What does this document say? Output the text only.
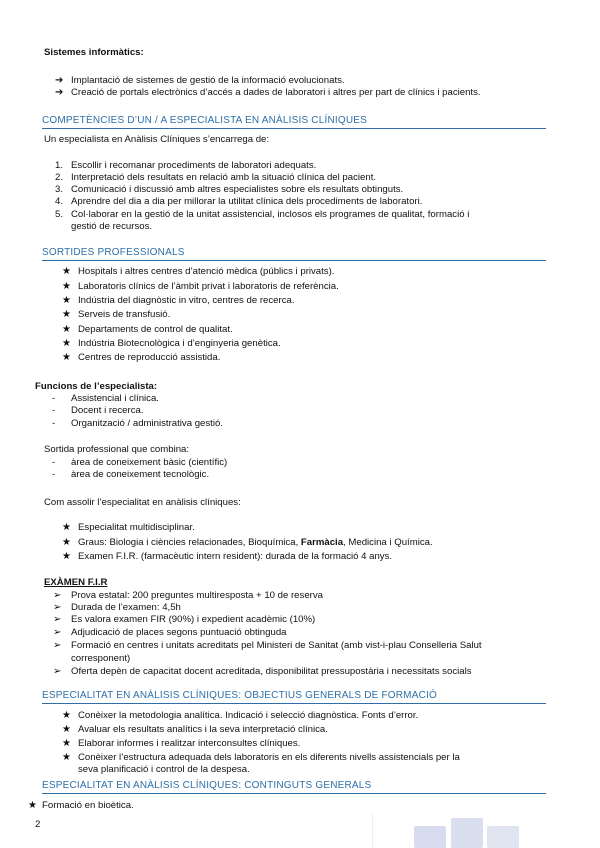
Sistemes informàtics:
➔ Implantació de sistemes de gestió de la informació evolucionats.
➔ Creació de portals electrònics d’accés a dades de laboratori i altres per part de clínics i pacients.
COMPETÈNCIES D’UN / A ESPECIALISTA EN ANÀLISIS CLÍNIQUES
Un especialista en Anàlisis Clíniques s’encarrega de:
1. Escollir i recomanar procediments de laboratori adequats.
2. Interpretació dels resultats en relació amb la situació clínica del pacient.
3. Comunicació i discussió amb altres especialistes sobre els resultats obtinguts.
4. Aprendre del dia a dia per millorar la utilitat clínica dels procediments de laboratori.
5. Col·laborar en la gestió de la unitat assistencial, inclosos els programes de qualitat, formació i
gestió de recursos.
SORTIDES PROFESSIONALS
★ Hospitals i altres centres d’atenció mèdica (públics i privats).
★ Laboratoris clínics de l’àmbit privat i laboratoris de referència.
★ Indústria del diagnòstic in vitro, centres de recerca.
★ Serveis de transfusió.
★ Departaments de control de qualitat.
★ Indústria Biotecnològica i d’enginyeria genètica.
★ Centres de reproducció assistida.
Funcions de l’especialista:
- Assistencial i clínica.
- Docent i recerca.
- Organització / administrativa gestió.
Sortida professional que combina:
- àrea de coneixement bàsic (científic)
- àrea de coneixement tecnològic.
Com assolir l’especialitat en anàlisis clíniques:
★ Especialitat multidisciplinar.
★ Graus: Biologia i ciències relacionades, Bioquímica, Farmàcia, Medicina i Química.
★ Examen F.I.R. (farmacèutic intern resident): durada de la formació 4 anys.
EXÀMEN F.I.R
➢ Prova estatal: 200 preguntes multiresposta + 10 de reserva
➢ Durada de l’examen: 4,5h
➢ Es valora examen FIR (90%) i expedient acadèmic (10%)
➢ Adjudicació de places segons puntuació obtinguda
➢ Formació en centres i unitats acreditats pel Ministeri de Sanitat (amb vist-i-plau Conselleria Salut
corresponent)
➢ Oferta depèn de capacitat docent acreditada, disponibilitat pressupostària i necessitats socials
ESPECIALITAT EN ANÀLISIS CLÍNIQUES: OBJECTIUS GENERALS DE FORMACIÓ
★ Conèixer la metodologia analítica. Indicació i selecció diagnòstica. Fonts d’error.
★ Avaluar els resultats analítics i la seva interpretació clínica.
★ Elaborar informes i realitzar interconsultes clíniques.
★ Conèixer l’estructura adequada dels laboratoris en els diferents nivells assistencials per la
seva planificació i control de la despesa.
ESPECIALITAT EN ANÀLISIS CLÍNIQUES: CONTINGUTS GENERALS
★ Formació en bioètica.
2
